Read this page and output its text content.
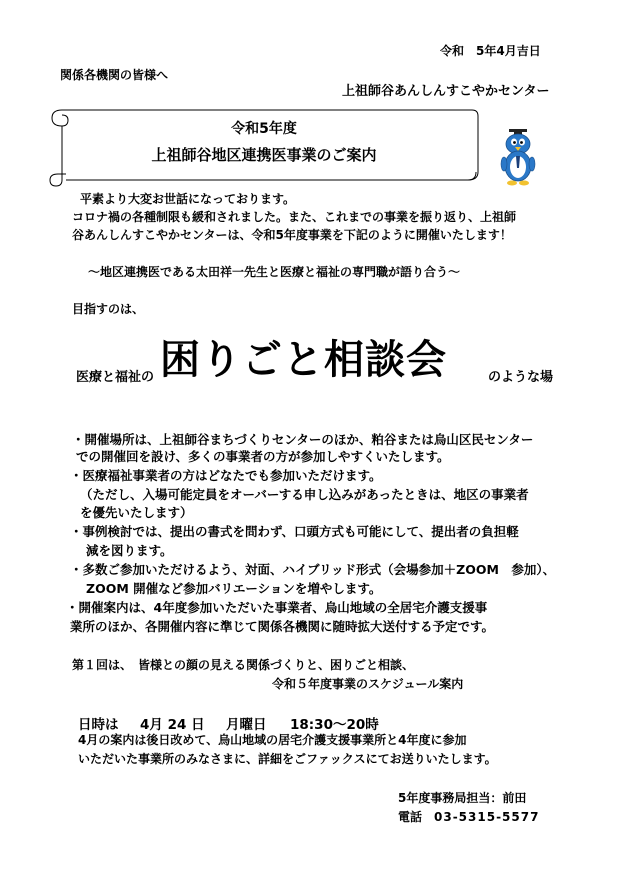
令和　5年4月吉日
関係各機関の皆様へ
上祖師谷あんしんすこやかセンター
令和5年度
上祖師谷地区連携医事業のご案内
平素より大変お世話になっております。
コロナ禍の各種制限も緩和されました。また、これまでの事業を振り返り、上祖師
谷あんしんすこやかセンターは、令和5年度事業を下記のように開催いたします！
～地区連携医である太田祥一先生と医療と福祉の専門職が語り合う～
目指すのは、
医療と福祉の 困りごと相談会	のような場
・開催場所は、上祖師谷まちづくりセンターのほか、粕谷または烏山区民センター
での開催回を設け、多くの事業者の方が参加しやすくいたします。
・医療福祉事業者の方はどなたでも参加いただけます。
（ただし、入場可能定員をオーバーする申し込みがあったときは、地区の事業者
を優先いたします）
・事例検討では、提出の書式を問わず、口頭方式も可能にして、提出者の負担軽
減を図ります。
・多数ご参加いただけるよう、対面、ハイブリッド形式（会場参加＋ZOOM　参加）、
ZOOM 開催など参加バリエーションを増やします。
・開催案内は、4年度参加いただいた事業者、烏山地域の全居宅介護支援事
業所のほか、各開催内容に準じて関係各機関に随時拡大送付する予定です。
第１回は、　皆様との顔の見える関係づくりと、困りごと相談、
令和５年度事業のスケジュール案内
日時は 4月 24 日 月曜日 18:30～20時
4月の案内は後日改めて、烏山地域の居宅介護支援事業所と4年度に参加
いただいた事業所のみなさまに、詳細をごファックスにてお送りいたします。
5年度事務局担当：前田
電話 03-5315-5577
